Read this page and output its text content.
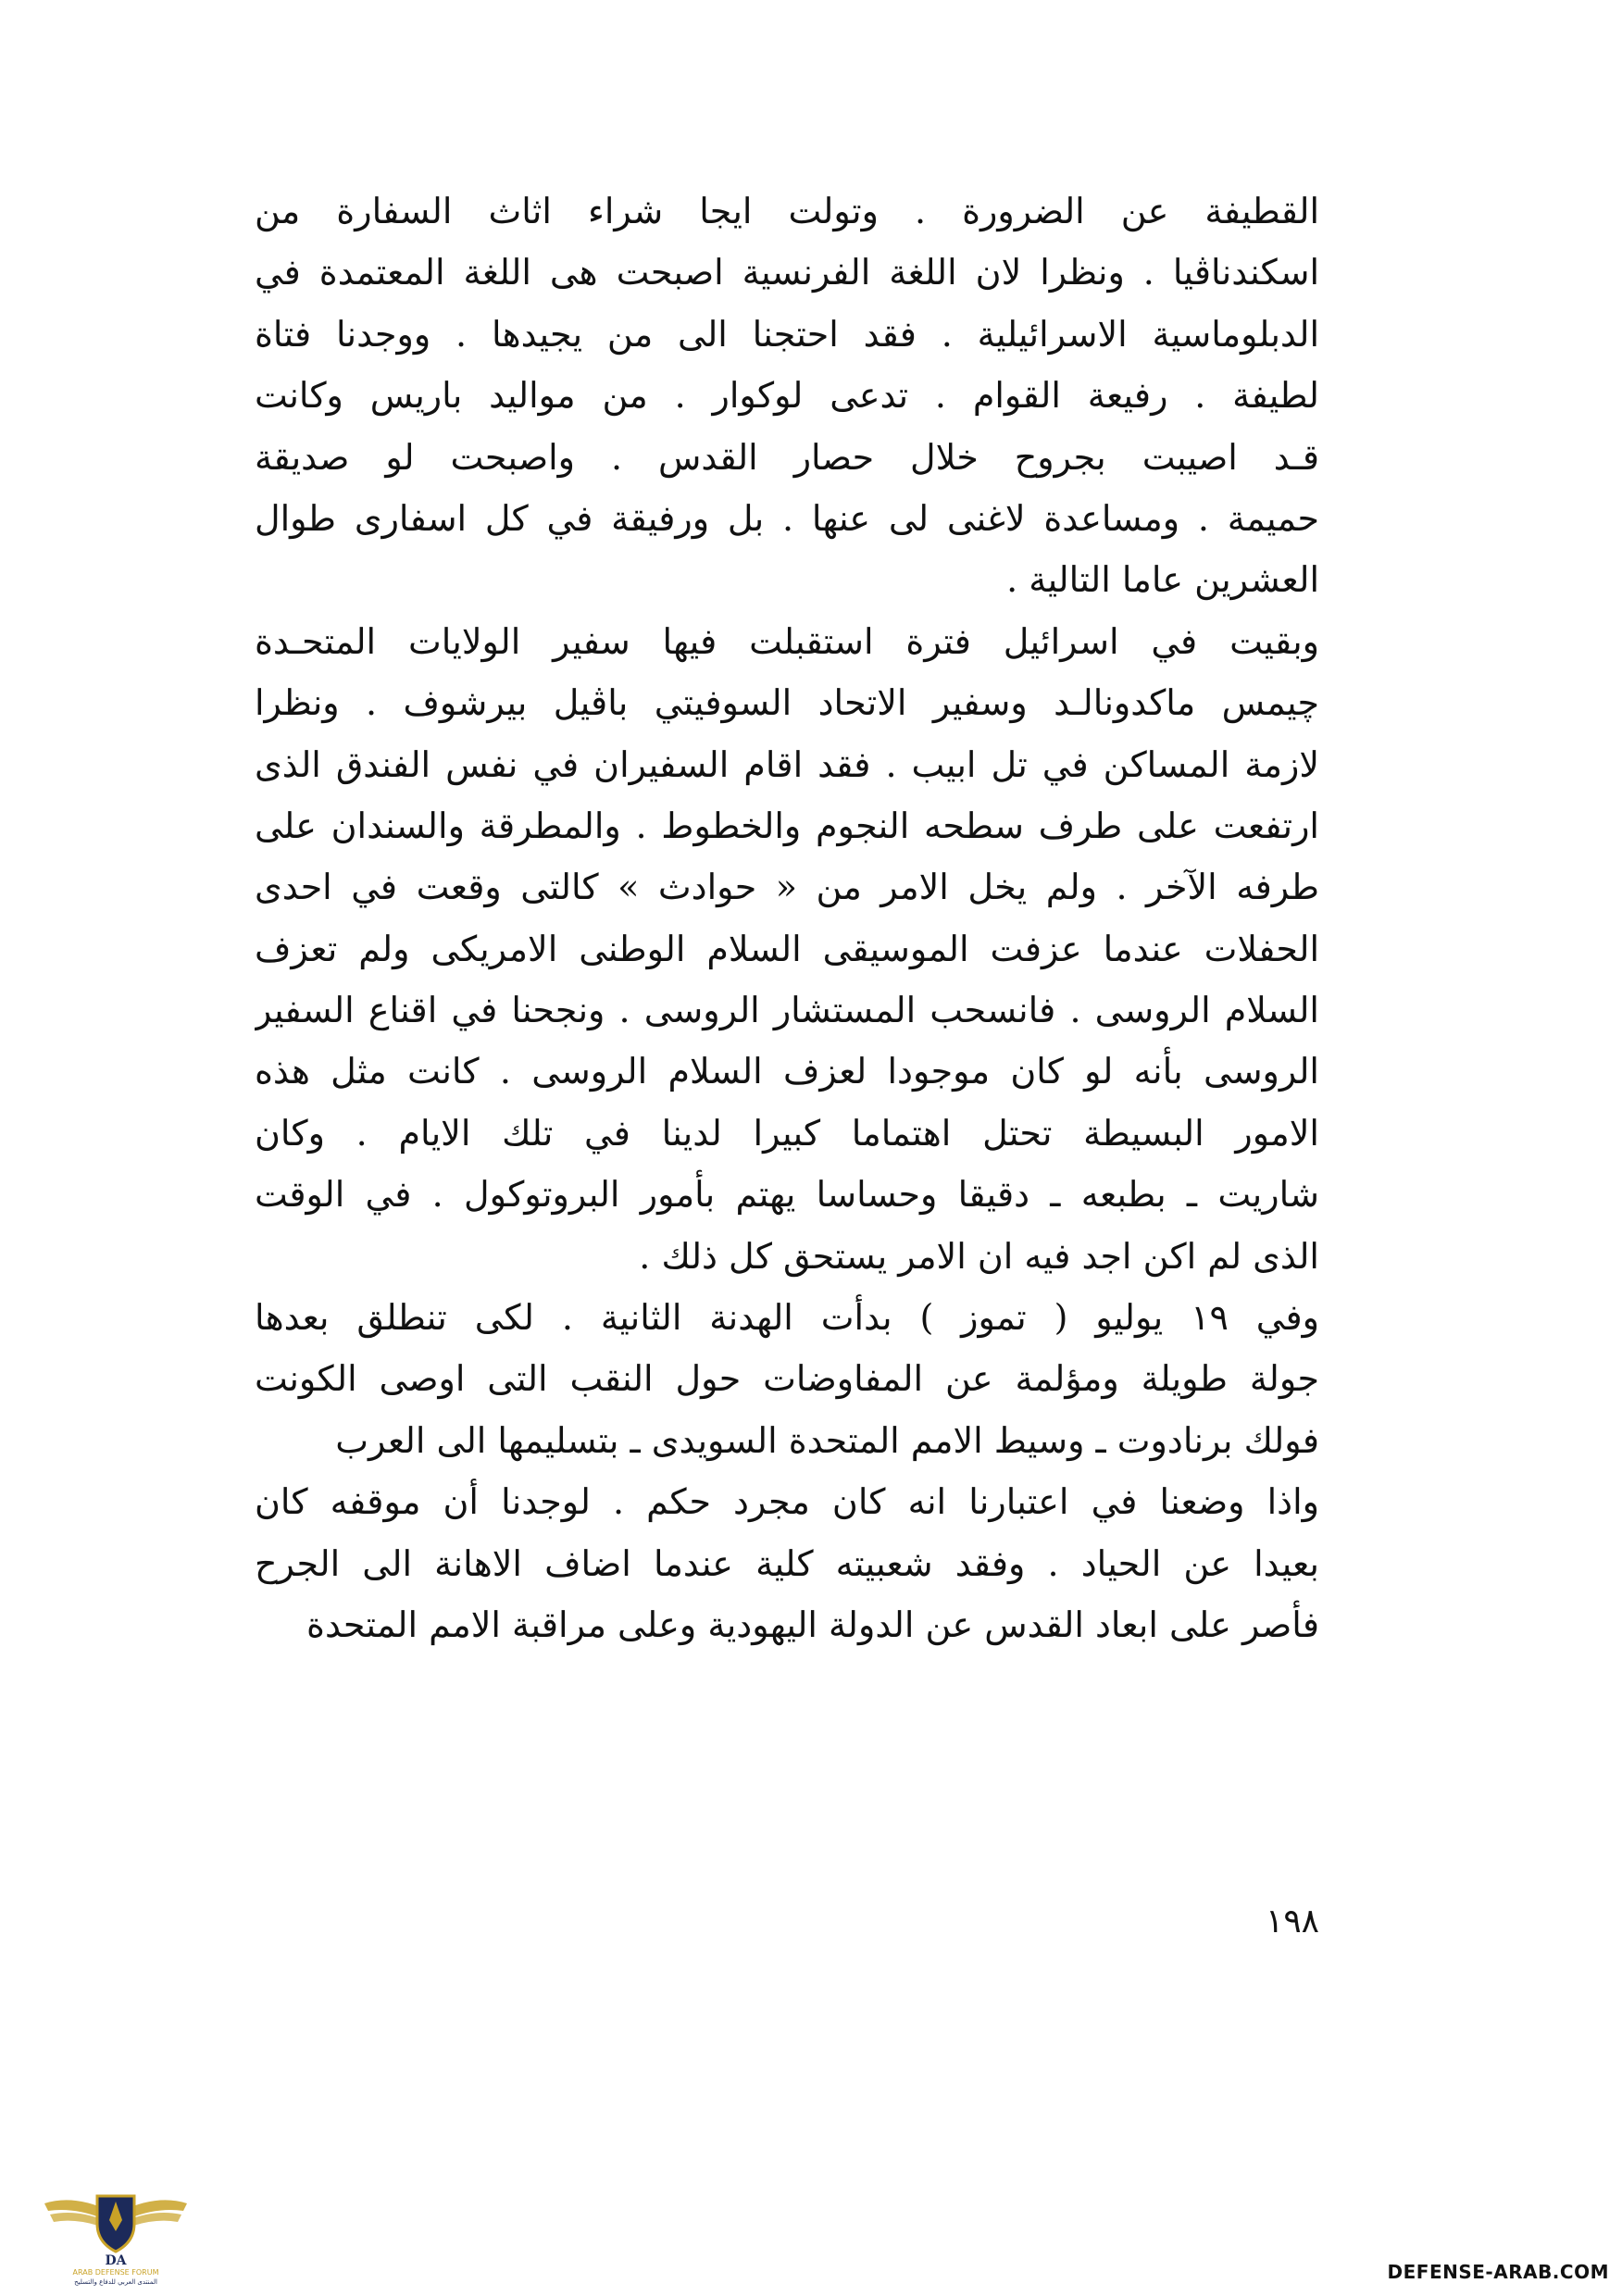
القطيفة عن الضرورة . وتولت ايجا شراء اثاث السفارة من
اسكندناڤيا . ونظرا لان اللغة الفرنسية اصبحت هى اللغة المعتمدة في
الدبلوماسية الاسرائيلية . فقد احتجنا الى من يجيدها . ووجدنا فتاة
لطيفة . رفيعة القوام . تدعى لوكوار . من مواليد باريس وكانت
قـد اصيبت بجروح خلال حصار القدس . واصبحت لو صديقة
حميمة . ومساعدة لاغنى لى عنها . بل ورفيقة في كل اسفارى طوال
العشرين عاما التالية .
وبقيت في اسرائيل فترة استقبلت فيها سفير الولايات المتحـدة
چيمس ماكدونالـد وسفير الاتحاد السوفيتي باڤيل بيرشوف . ونظرا
لازمة المساكن في تل ابيب . فقد اقام السفيران في نفس الفندق الذى
ارتفعت على طرف سطحه النجوم والخطوط . والمطرقة والسندان على
طرفه الآخر . ولم يخل الامر من « حوادث » كالتى وقعت في احدى
الحفلات عندما عزفت الموسيقى السلام الوطنى الامريكى ولم تعزف
السلام الروسى . فانسحب المستشار الروسى . ونجحنا في اقناع السفير
الروسى بأنه لو كان موجودا لعزف السلام الروسى . كانت مثل هذه
الامور البسيطة تحتل اهتماما كبيرا لدينا في تلك الايام . وكان
شاريت ـ بطبعه ـ دقيقا وحساسا يهتم بأمور البروتوكول . في الوقت
الذى لم اكن اجد فيه ان الامر يستحق كل ذلك .
وفي ١٩ يوليو ( تموز ) بدأت الهدنة الثانية . لكى تنطلق بعدها
جولة طويلة ومؤلمة عن المفاوضات حول النقب التى اوصى الكونت
فولك برنادوت ـ وسيط الامم المتحدة السويدى ـ بتسليمها الى العرب
واذا وضعنا في اعتبارنا انه كان مجرد حكم . لوجدنا أن موقفه كان
بعيدا عن الحياد . وفقد شعبيته كلية عندما اضاف الاهانة الى الجرح
فأصر على ابعاد القدس عن الدولة اليهودية وعلى مراقبة الامم المتحدة
١٩٨
DA
ARAB DEFENSE FORUM
المنتدى العربي للدفاع والتسليح	DEFENSE-ARAB.COM
